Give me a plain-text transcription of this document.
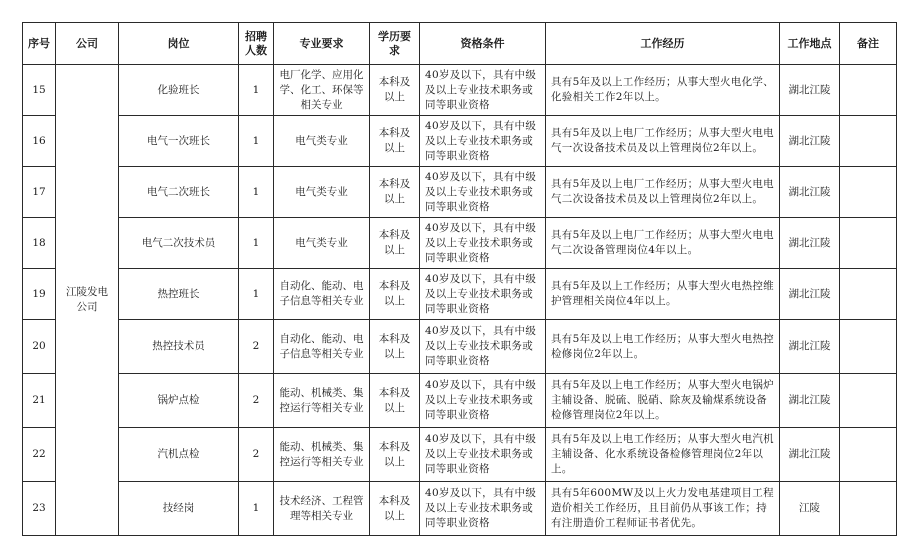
序号	公司	岗位	招聘人数	专业要求	学历要求	资格条件	工作经历	工作地点	备注
15	江陵发电公司	化验班长	1	电厂化学、应用化学、化工、环保等相关专业	本科及以上	40岁及以下，具有中级及以上专业技术职务或同等职业资格	具有5年及以上工作经历；从事大型火电化学、化验相关工作2年以上。	湖北江陵	
16		电气一次班长	1	电气类专业	本科及以上	40岁及以下，具有中级及以上专业技术职务或同等职业资格	具有5年及以上电厂工作经历；从事大型火电电气一次设备技术员及以上管理岗位2年以上。	湖北江陵	
17		电气二次班长	1	电气类专业	本科及以上	40岁及以下，具有中级及以上专业技术职务或同等职业资格	具有5年及以上电厂工作经历；从事大型火电电气二次设备技术员及以上管理岗位2年以上。	湖北江陵	
18		电气二次技术员	1	电气类专业	本科及以上	40岁及以下，具有中级及以上专业技术职务或同等职业资格	具有5年及以上电厂工作经历；从事大型火电电气二次设备管理岗位4年以上。	湖北江陵	
19		热控班长	1	自动化、能动、电子信息等相关专业	本科及以上	40岁及以下，具有中级及以上专业技术职务或同等职业资格	具有5年及以上工作经历；从事大型火电热控维护管理相关岗位4年以上。	湖北江陵	
20		热控技术员	2	自动化、能动、电子信息等相关专业	本科及以上	40岁及以下，具有中级及以上专业技术职务或同等职业资格	具有5年及以上电工作经历；从事大型火电热控检修岗位2年以上。	湖北江陵	
21		锅炉点检	2	能动、机械类、集控运行等相关专业	本科及以上	40岁及以下，具有中级及以上专业技术职务或同等职业资格	具有5年及以上电工作经历；从事大型火电锅炉主辅设备、脱硫、脱硝、除灰及输煤系统设备检修管理岗位2年以上。	湖北江陵	
22		汽机点检	2	能动、机械类、集控运行等相关专业	本科及以上	40岁及以下，具有中级及以上专业技术职务或同等职业资格	具有5年及以上电工作经历；从事大型火电汽机主辅设备、化水系统设备检修管理岗位2年以上。	湖北江陵	
23		技经岗	1	技术经济、工程管理等相关专业	本科及以上	40岁及以下，具有中级及以上专业技术职务或同等职业资格	具有5年600MW及以上火力发电基建项目工程造价相关工作经历，且目前仍从事该工作；持有注册造价工程师证书者优先。	江陵	
